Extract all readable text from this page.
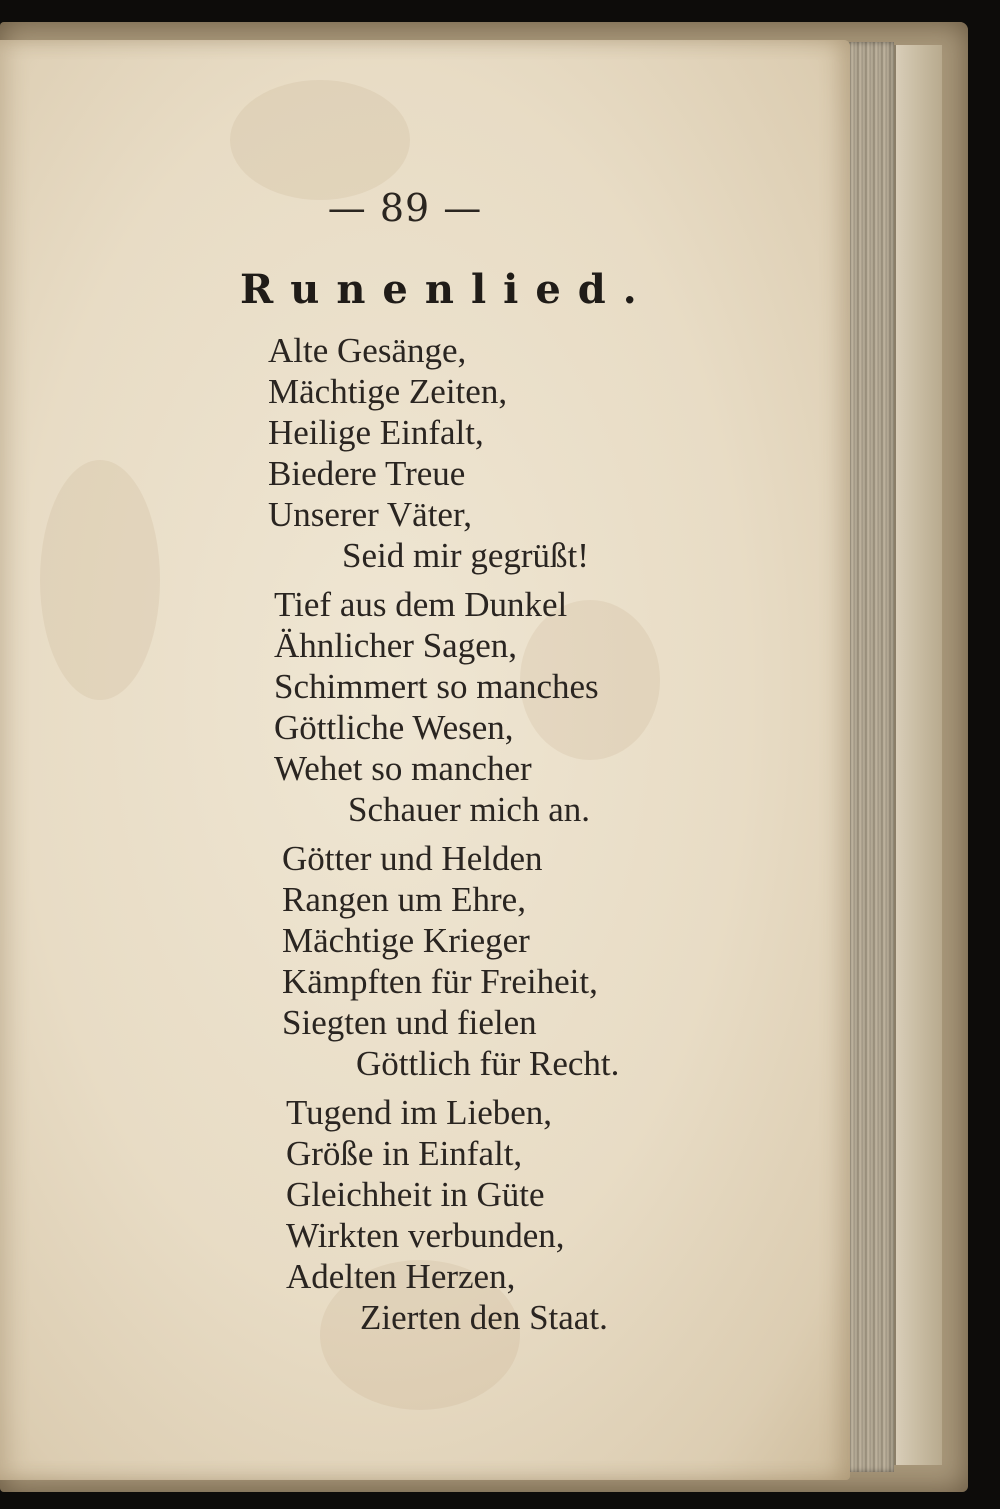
— 89 —
Runenlied.
Alte Gesänge,
Mächtige Zeiten,
Heilige Einfalt,
Biedere Treue
Unserer Väter,
Seid mir gegrüßt!
Tief aus dem Dunkel
Ähnlicher Sagen,
Schimmert so manches
Göttliche Wesen,
Wehet so mancher
Schauer mich an.
Götter und Helden
Rangen um Ehre,
Mächtige Krieger
Kämpften für Freiheit,
Siegten und fielen
Göttlich für Recht.
Tugend im Lieben,
Größe in Einfalt,
Gleichheit in Güte
Wirkten verbunden,
Adelten Herzen,
Zierten den Staat.
